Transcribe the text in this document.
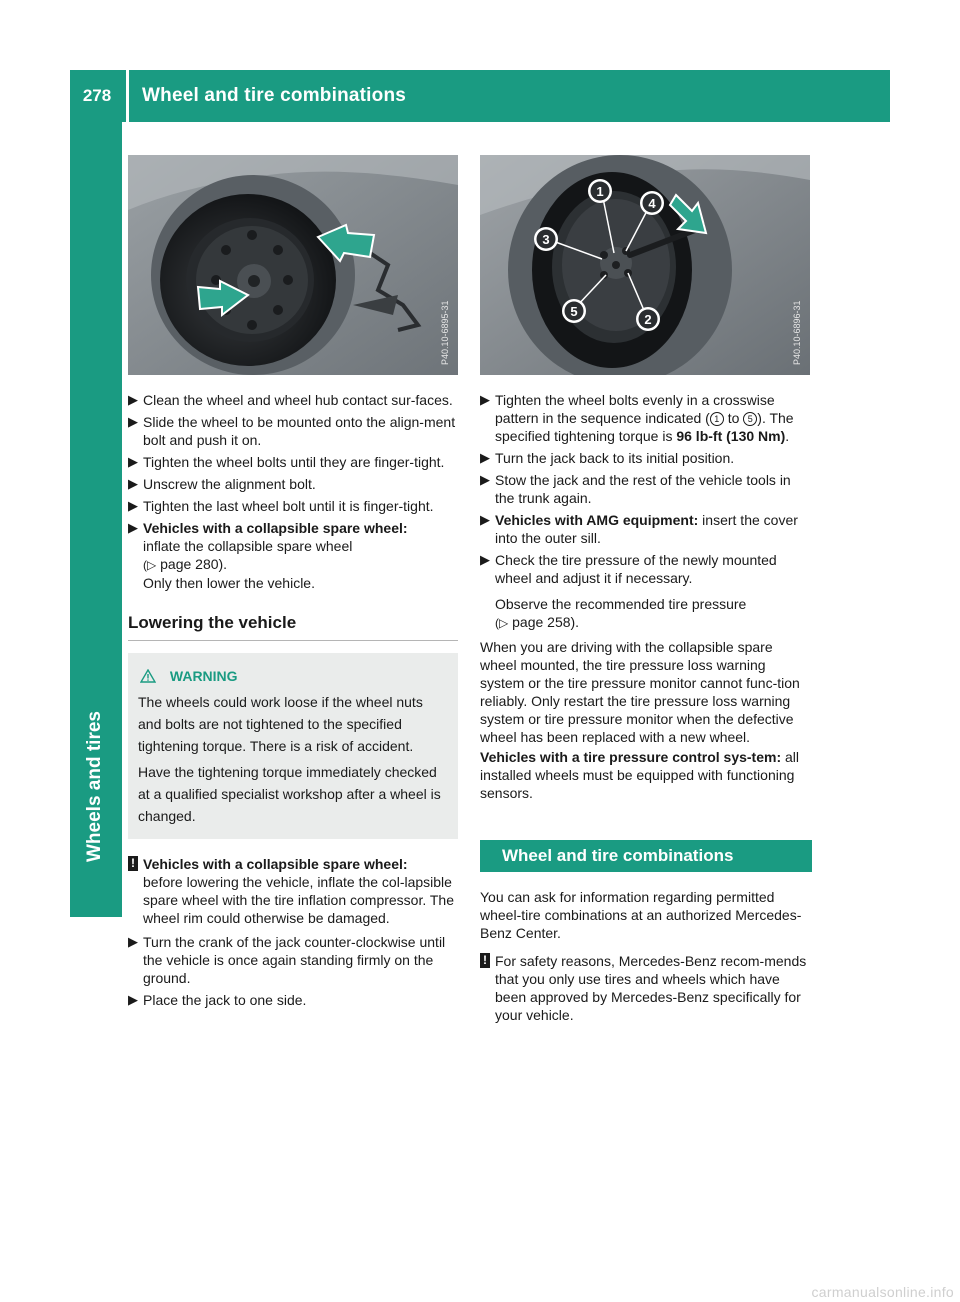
278	Wheel and tire combinations
Wheels and tires
P40.10-6895-31
▶ Clean the wheel and wheel hub contact sur-faces.
▶ Slide the wheel to be mounted onto the align-ment bolt and push it on.
▶ Tighten the wheel bolts until they are finger-tight.
▶ Unscrew the alignment bolt.
▶ Tighten the last wheel bolt until it is finger-tight.
▶ Vehicles with a collapsible spare wheel:
inflate the collapsible spare wheel
(▷ page 280).
Only then lower the vehicle.
Lowering the vehicle
WARNING

The wheels could work loose if the wheel nuts and bolts are not tightened to the specified tightening torque. There is a risk of accident.

Have the tightening torque immediately checked at a qualified specialist workshop after a wheel is changed.

! Vehicles with a collapsible spare wheel:
before lowering the vehicle, inflate the col-lapsible spare wheel with the tire inflation compressor. The wheel rim could otherwise be damaged.
▶ Turn the crank of the jack counter-clockwise until the vehicle is once again standing firmly on the ground.
▶ Place the jack to one side.
1
2
3
4
5	P40.10-6896-31
▶ Tighten the wheel bolts evenly in a crosswise pattern in the sequence indicated ( 1 to 5 ). The specified tightening torque is 96 lb-ft (130 Nm).
▶ Turn the jack back to its initial position.
▶ Stow the jack and the rest of the vehicle tools in the trunk again.
▶ Vehicles with AMG equipment: insert the cover into the outer sill.
▶ Check the tire pressure of the newly mounted wheel and adjust it if necessary.
Observe the recommended tire pressure
(▷ page 258).

When you are driving with the collapsible spare wheel mounted, the tire pressure loss warning system or the tire pressure monitor cannot func-tion reliably. Only restart the tire pressure loss warning system or tire pressure monitor when the defective wheel has been replaced with a new wheel.

Vehicles with a tire pressure control sys-tem: all installed wheels must be equipped with functioning sensors.

Wheel and tire combinations

You can ask for information regarding permitted wheel-tire combinations at an authorized Mercedes-Benz Center.

! For safety reasons, Mercedes-Benz recom-mends that you only use tires and wheels which have been approved by Mercedes-Benz specifically for your vehicle.
carmanualsonline.info
